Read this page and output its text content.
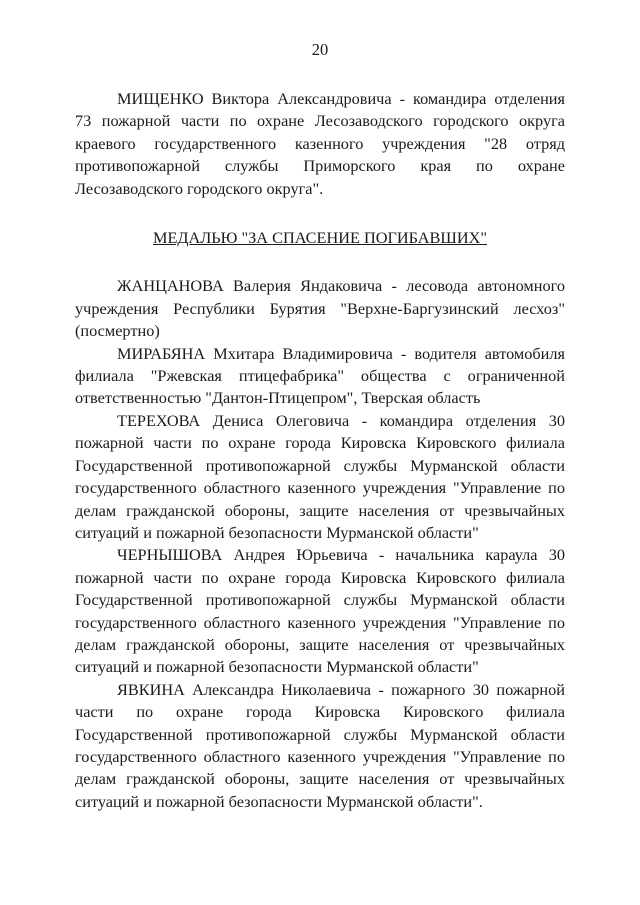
20

МИЩЕНКО Виктора Александровича - командира отделения 73 пожарной части по охране Лесозаводского городского округа краевого государственного казенного учреждения "28 отряд противопожарной службы Приморского края по охране Лесозаводского городского округа".

МЕДАЛЬЮ "ЗА СПАСЕНИЕ ПОГИБАВШИХ"

ЖАНЦАНОВА Валерия Яндаковича - лесовода автономного учреждения Республики Бурятия "Верхне-Баргузинский лесхоз" (посмертно)

МИРАБЯНА Мхитара Владимировича - водителя автомобиля филиала "Ржевская птицефабрика" общества с ограниченной ответственностью "Дантон-Птицепром", Тверская область

ТЕРЕХОВА Дениса Олеговича - командира отделения 30 пожарной части по охране города Кировска Кировского филиала Государственной противопожарной службы Мурманской области государственного областного казенного учреждения "Управление по делам гражданской обороны, защите населения от чрезвычайных ситуаций и пожарной безопасности Мурманской области"

ЧЕРНЫШОВА Андрея Юрьевича - начальника караула 30 пожарной части по охране города Кировска Кировского филиала Государственной противопожарной службы Мурманской области государственного областного казенного учреждения "Управление по делам гражданской обороны, защите населения от чрезвычайных ситуаций и пожарной безопасности Мурманской области"

ЯВКИНА Александра Николаевича - пожарного 30 пожарной части по охране города Кировска Кировского филиала Государственной противопожарной службы Мурманской области государственного областного казенного учреждения "Управление по делам гражданской обороны, защите населения от чрезвычайных ситуаций и пожарной безопасности Мурманской области".
